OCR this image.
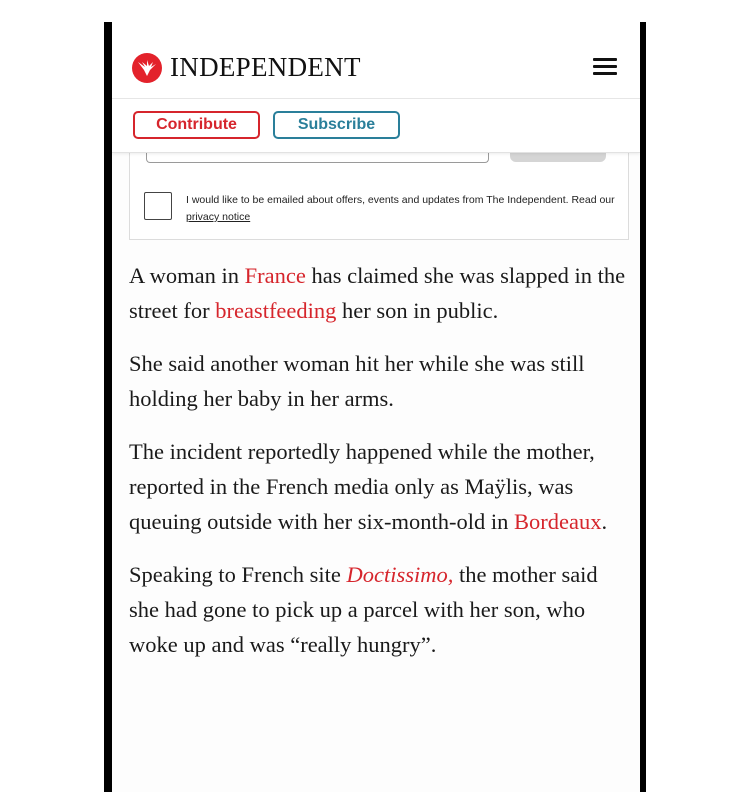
INDEPENDENT
Contribute	Subscribe
I would like to be emailed about offers, events and updates from The Independent. Read our privacy notice

A woman in France has claimed she was slapped in the street for breastfeeding her son in public.

She said another woman hit her while she was still holding her baby in her arms.

The incident reportedly happened while the mother, reported in the French media only as Maÿlis, was queuing outside with her six-month-old in Bordeaux.

Speaking to French site Doctissimo, the mother said she had gone to pick up a parcel with her son, who woke up and was “really hungry”.
